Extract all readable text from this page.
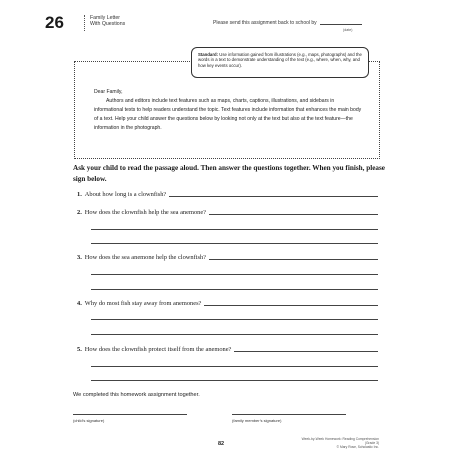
26	Family Letter
With Questions	Please send this assignment back to school by
(date)
Standard: Use information gained from illustrations (e.g., maps, photographs) and the words in a text to demonstrate understanding of the text (e.g., where, when, why, and how key events occur).

Dear Family,

Authors and editors include text features such as maps, charts, captions, illustrations, and sidebars in informational texts to help readers understand the topic. Text features include information that enhances the main body of a text. Help your child answer the questions below by looking not only at the text but also at the text feature—the information in the photograph.

Ask your child to read the passage aloud. Then answer the questions together. When you finish, please sign below.
1. About how long is a clownfish?
2. How does the clownfish help the sea anemone?
3. How does the sea anemone help the clownfish?
4. Why do most fish stay away from anemones?
5. How does the clownfish protect itself from the anemone?
We completed this homework assignment together.
(child’s signature)	(family member’s signature)
82
Week-by-Week Homework: Reading Comprehension (Grade 3)
© Mary Rose, Scholastic Inc.
